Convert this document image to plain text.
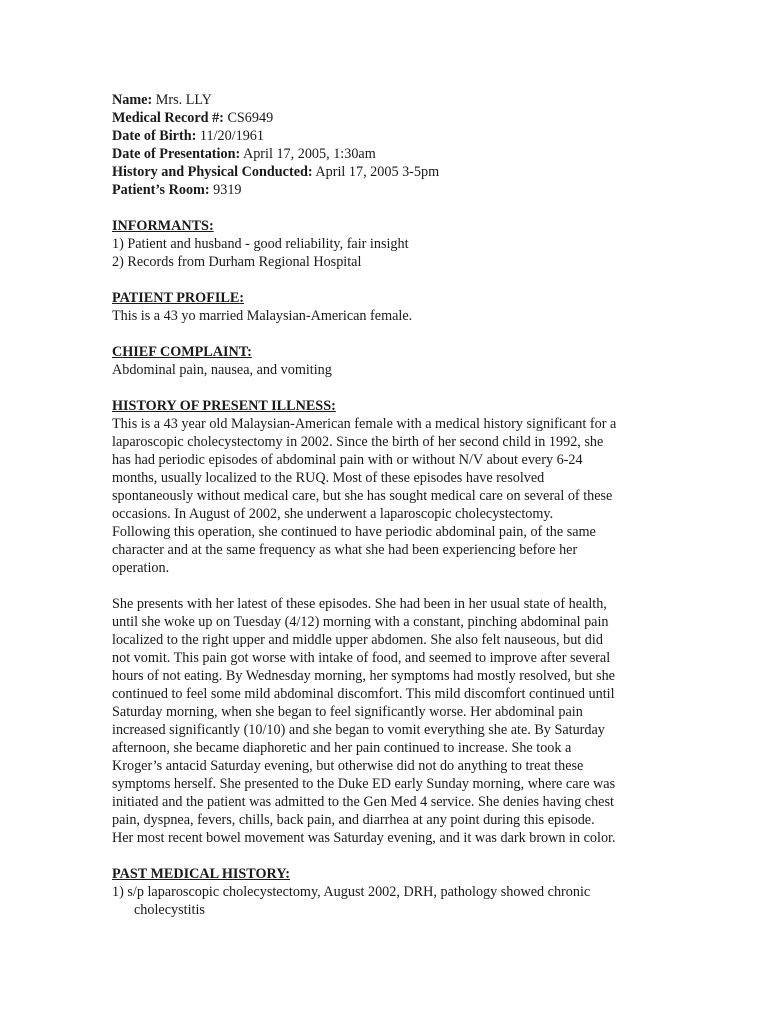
Name: Mrs. LLY

Medical Record #: CS6949

Date of Birth: 11/20/1961

Date of Presentation: April 17, 2005, 1:30am

History and Physical Conducted: April 17, 2005 3-5pm

Patient’s Room: 9319

INFORMANTS:

1) Patient and husband - good reliability, fair insight

2) Records from Durham Regional Hospital

PATIENT PROFILE:

This is a 43 yo married Malaysian-American female.

CHIEF COMPLAINT:

Abdominal pain, nausea, and vomiting

HISTORY OF PRESENT ILLNESS:

This is a 43 year old Malaysian-American female with a medical history significant for a
laparoscopic cholecystectomy in 2002. Since the birth of her second child in 1992, she
has had periodic episodes of abdominal pain with or without N/V about every 6-24
months, usually localized to the RUQ. Most of these episodes have resolved
spontaneously without medical care, but she has sought medical care on several of these
occasions. In August of 2002, she underwent a laparoscopic cholecystectomy.
Following this operation, she continued to have periodic abdominal pain, of the same
character and at the same frequency as what she had been experiencing before her
operation.
She presents with her latest of these episodes. She had been in her usual state of health,
until she woke up on Tuesday (4/12) morning with a constant, pinching abdominal pain
localized to the right upper and middle upper abdomen. She also felt nauseous, but did
not vomit. This pain got worse with intake of food, and seemed to improve after several
hours of not eating. By Wednesday morning, her symptoms had mostly resolved, but she
continued to feel some mild abdominal discomfort. This mild discomfort continued until
Saturday morning, when she began to feel significantly worse. Her abdominal pain
increased significantly (10/10) and she began to vomit everything she ate. By Saturday
afternoon, she became diaphoretic and her pain continued to increase. She took a
Kroger’s antacid Saturday evening, but otherwise did not do anything to treat these
symptoms herself. She presented to the Duke ED early Sunday morning, where care was
initiated and the patient was admitted to the Gen Med 4 service. She denies having chest
pain, dyspnea, fevers, chills, back pain, and diarrhea at any point during this episode.
Her most recent bowel movement was Saturday evening, and it was dark brown in color.

PAST MEDICAL HISTORY:

1) s/p laparoscopic cholecystectomy, August 2002, DRH, pathology showed chronic
cholecystitis
